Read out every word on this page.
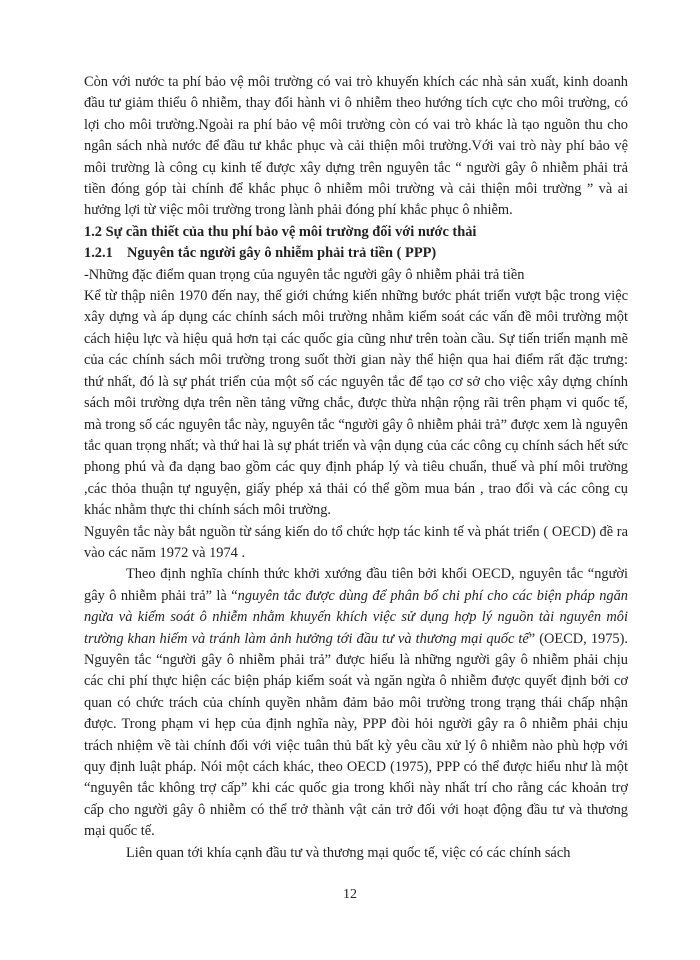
Còn với nước ta phí bảo vệ môi trường có vai trò khuyến khích các nhà sản xuất, kinh doanh đầu tư giảm thiểu ô nhiễm, thay đổi hành vi ô nhiễm theo hướng tích cực cho môi trường, có lợi cho môi trường.Ngoài ra phí bảo vệ môi trường còn có vai trò khác là tạo nguồn thu cho ngân sách nhà nước để đầu tư khắc phục và cải thiện môi trường.Với vai trò này phí bảo vệ môi trường là công cụ kinh tế được xây dựng trên nguyên tắc “ người gây ô nhiễm phải trả tiền đóng góp tài chính để khắc phục ô nhiễm môi trường và cải thiện môi trường ” và ai hưởng lợi từ việc môi trường trong lành phải đóng phí khắc phục ô nhiễm.

1.2 Sự cần thiết của thu phí bảo vệ môi trường đối với nước thải

1.2.1 Nguyên tắc người gây ô nhiễm phải trả tiền ( PPP)

-Những đặc điểm quan trọng của nguyên tắc người gây ô nhiễm phải trả tiền

Kể từ thập niên 1970 đến nay, thế giới chứng kiến những bước phát triển vượt bậc trong việc xây dựng và áp dụng các chính sách môi trường nhằm kiểm soát các vấn đề môi trường một cách hiệu lực và hiệu quả hơn tại các quốc gia cũng như trên toàn cầu. Sự tiến triển mạnh mẽ của các chính sách môi trường trong suốt thời gian này thể hiện qua hai điểm rất đặc trưng: thứ nhất, đó là sự phát triển của một số các nguyên tắc để tạo cơ sở cho việc xây dựng chính sách môi trường dựa trên nền tảng vững chắc, được thừa nhận rộng rãi trên phạm vi quốc tế, mà trong số các nguyên tắc này, nguyên tắc “người gây ô nhiễm phải trả” được xem là nguyên tắc quan trọng nhất; và thứ hai là sự phát triển và vận dụng của các công cụ chính sách hết sức phong phú và đa dạng bao gồm các quy định pháp lý và tiêu chuẩn, thuế và phí môi trường ,các thỏa thuận tự nguyện, giấy phép xả thải có thể gồm mua bán , trao đổi và các công cụ khác nhằm thực thi chính sách môi trường.

Nguyên tắc này bắt nguồn từ sáng kiến do tổ chức hợp tác kinh tế và phát triển ( OECD) đề ra vào các năm 1972 và 1974 .

Theo định nghĩa chính thức khởi xướng đầu tiên bởi khối OECD, nguyên tắc “người gây ô nhiễm phải trả” là “nguyên tắc được dùng để phân bổ chi phí cho các biện pháp ngăn ngừa và kiểm soát ô nhiễm nhằm khuyến khích việc sử dụng hợp lý nguồn tài nguyên môi trường khan hiếm và tránh làm ảnh hưởng tới đầu tư và thương mại quốc tế” (OECD, 1975). Nguyên tắc “người gây ô nhiễm phải trả” được hiểu là những người gây ô nhiễm phải chịu các chi phí thực hiện các biện pháp kiểm soát và ngăn ngừa ô nhiễm được quyết định bởi cơ quan có chức trách của chính quyền nhằm đảm bảo môi trường trong trạng thái chấp nhận được. Trong phạm vi hẹp của định nghĩa này, PPP đòi hỏi người gây ra ô nhiễm phải chịu trách nhiệm về tài chính đối với việc tuân thủ bất kỳ yêu cầu xử lý ô nhiễm nào phù hợp với quy định luật pháp. Nói một cách khác, theo OECD (1975), PPP có thể được hiểu như là một “nguyên tắc không trợ cấp” khi các quốc gia trong khối này nhất trí cho rằng các khoản trợ cấp cho người gây ô nhiễm có thể trở thành vật cản trở đối với hoạt động đầu tư và thương mại quốc tế.

Liên quan tới khía cạnh đầu tư và thương mại quốc tế, việc có các chính sách

12
